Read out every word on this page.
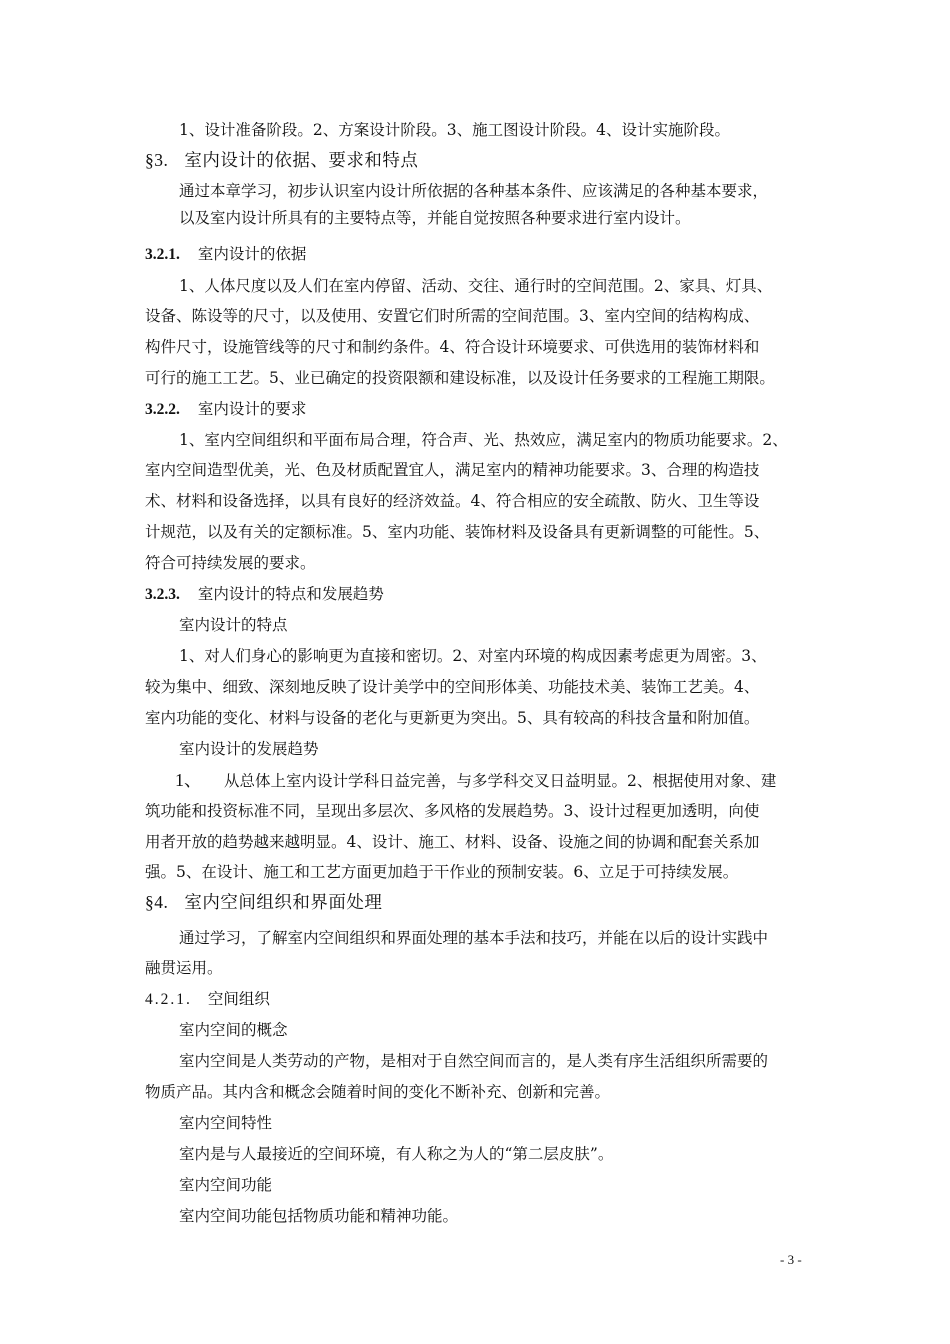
1、设计准备阶段。2、方案设计阶段。3、施工图设计阶段。4、设计实施阶段。
§3. 室内设计的依据、要求和特点
通过本章学习，初步认识室内设计所依据的各种基本条件、应该满足的各种基本要求，
以及室内设计所具有的主要特点等，并能自觉按照各种要求进行室内设计。
3.2.1. 室内设计的依据
1、人体尺度以及人们在室内停留、活动、交往、通行时的空间范围。2、家具、灯具、
设备、陈设等的尺寸，以及使用、安置它们时所需的空间范围。3、室内空间的结构构成、
构件尺寸，设施管线等的尺寸和制约条件。4、符合设计环境要求、可供选用的装饰材料和
可行的施工工艺。5、业已确定的投资限额和建设标准，以及设计任务要求的工程施工期限。
3.2.2. 室内设计的要求
1、室内空间组织和平面布局合理，符合声、光、热效应，满足室内的物质功能要求。2、
室内空间造型优美，光、色及材质配置宜人，满足室内的精神功能要求。3、合理的构造技
术、材料和设备选择，以具有良好的经济效益。4、符合相应的安全疏散、防火、卫生等设
计规范，以及有关的定额标准。5、室内功能、装饰材料及设备具有更新调整的可能性。5、
符合可持续发展的要求。
3.2.3. 室内设计的特点和发展趋势
室内设计的特点
1、对人们身心的影响更为直接和密切。2、对室内环境的构成因素考虑更为周密。3、
较为集中、细致、深刻地反映了设计美学中的空间形体美、功能技术美、装饰工艺美。4、
室内功能的变化、材料与设备的老化与更新更为突出。5、具有较高的科技含量和附加值。
室内设计的发展趋势
1、 从总体上室内设计学科日益完善，与多学科交叉日益明显。2、根据使用对象、建
筑功能和投资标准不同，呈现出多层次、多风格的发展趋势。3、设计过程更加透明，向使
用者开放的趋势越来越明显。4、设计、施工、材料、设备、设施之间的协调和配套关系加
强。5、在设计、施工和工艺方面更加趋于干作业的预制安装。6、立足于可持续发展。
§4. 室内空间组织和界面处理
通过学习，了解室内空间组织和界面处理的基本手法和技巧，并能在以后的设计实践中
融贯运用。
4.2.1. 空间组织
室内空间的概念
室内空间是人类劳动的产物，是相对于自然空间而言的，是人类有序生活组织所需要的
物质产品。其内含和概念会随着时间的变化不断补充、创新和完善。
室内空间特性
室内是与人最接近的空间环境，有人称之为人的“第二层皮肤”。
室内空间功能
室内空间功能包括物质功能和精神功能。
- 3 -
